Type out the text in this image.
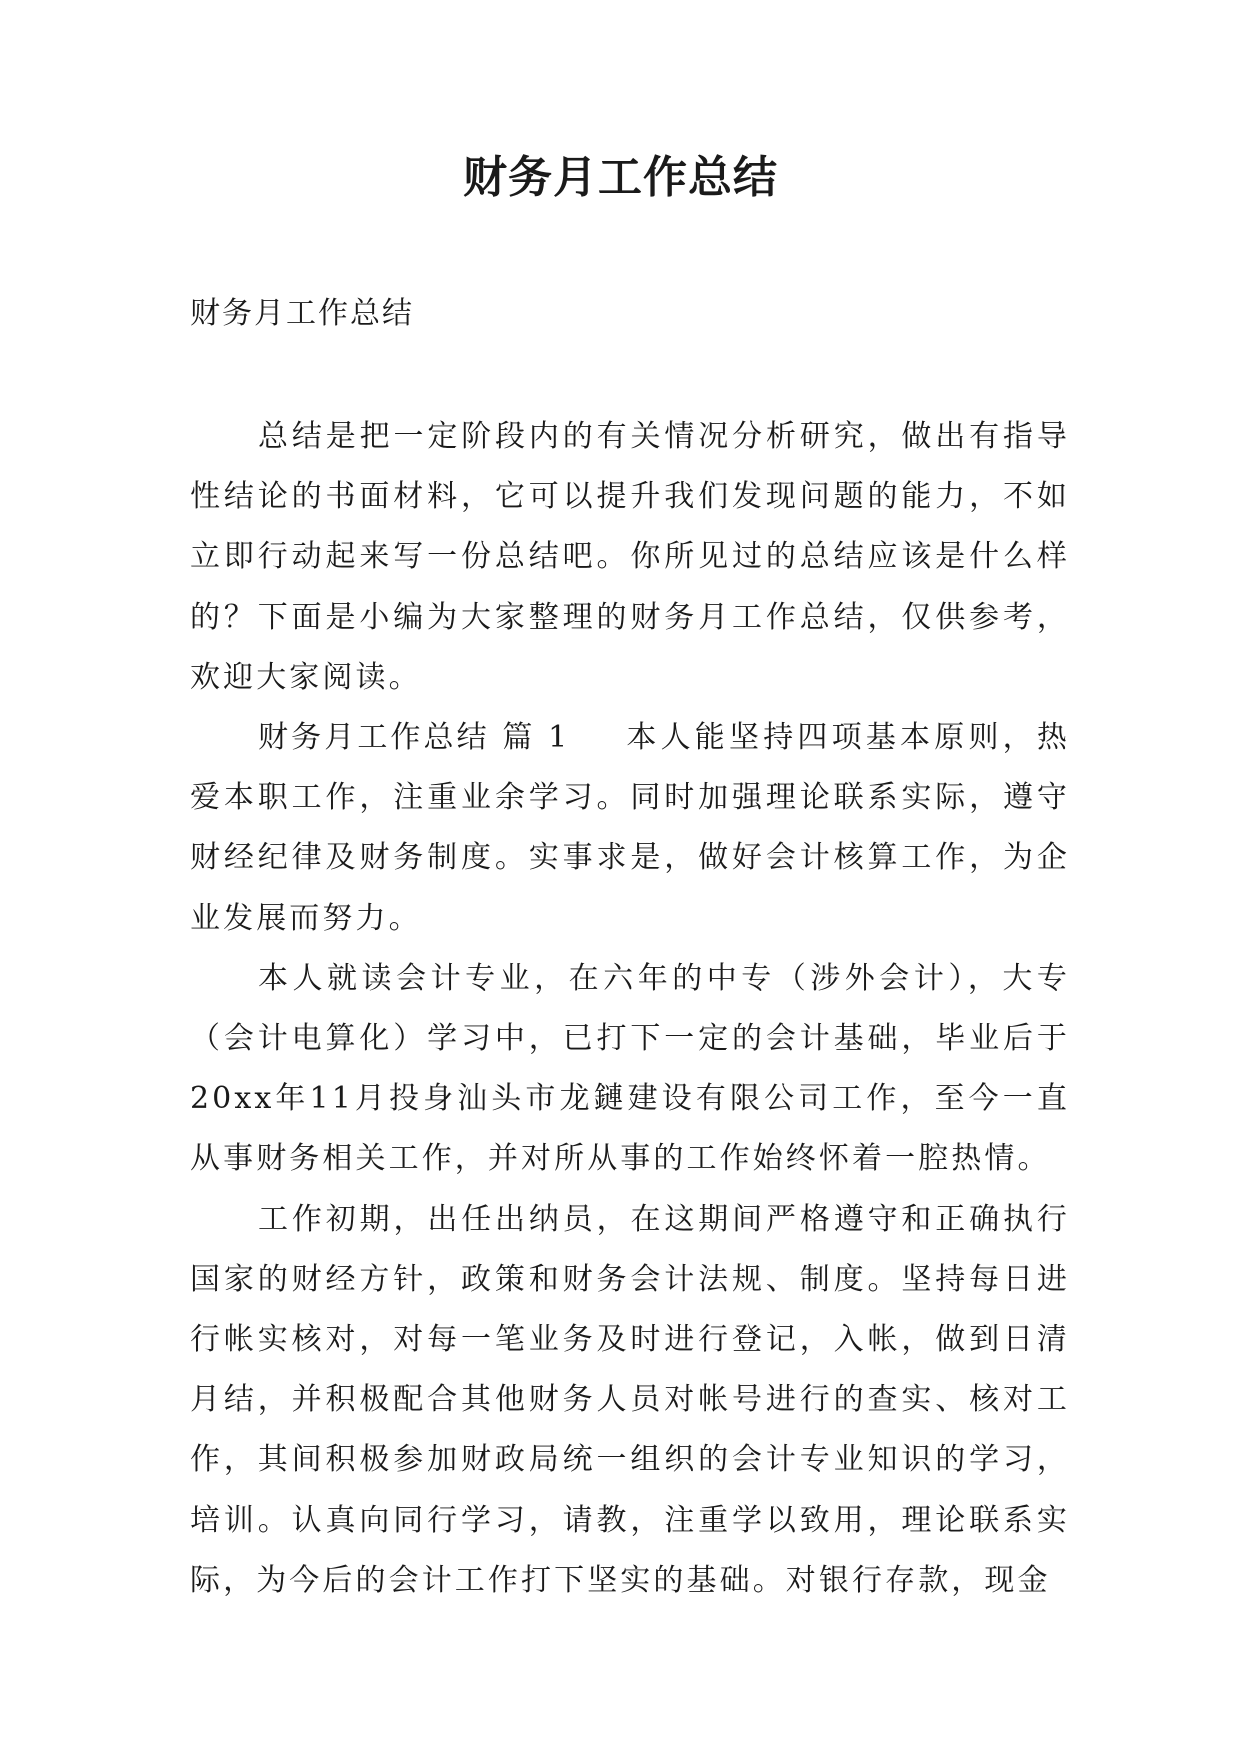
财务月工作总结

财务月工作总结

总结是把一定阶段内的有关情况分析研究，做出有指导性结论的书面材料，它可以提升我们发现问题的能力，不如立即行动起来写一份总结吧。你所见过的总结应该是什么样的？下面是小编为大家整理的财务月工作总结，仅供参考，欢迎大家阅读。

财务月工作总结 篇 1 本人能坚持四项基本原则，热爱本职工作，注重业余学习。同时加强理论联系实际，遵守财经纪律及财务制度。实事求是，做好会计核算工作，为企业发展而努力。

本人就读会计专业，在六年的中专（涉外会计），大专（会计电算化）学习中，已打下一定的会计基础，毕业后于20xx年11月投身汕头市龙鏈建设有限公司工作，至今一直从事财务相关工作，并对所从事的工作始终怀着一腔热情。

工作初期，出任出纳员，在这期间严格遵守和正确执行国家的财经方针，政策和财务会计法规、制度。坚持每日进行帐实核对，对每一笔业务及时进行登记，入帐，做到日清月结，并积极配合其他财务人员对帐号进行的查实、核对工作，其间积极参加财政局统一组织的会计专业知识的学习，培训。认真向同行学习，请教，注重学以致用，理论联系实际，为今后的会计工作打下坚实的基础。对银行存款，现金
